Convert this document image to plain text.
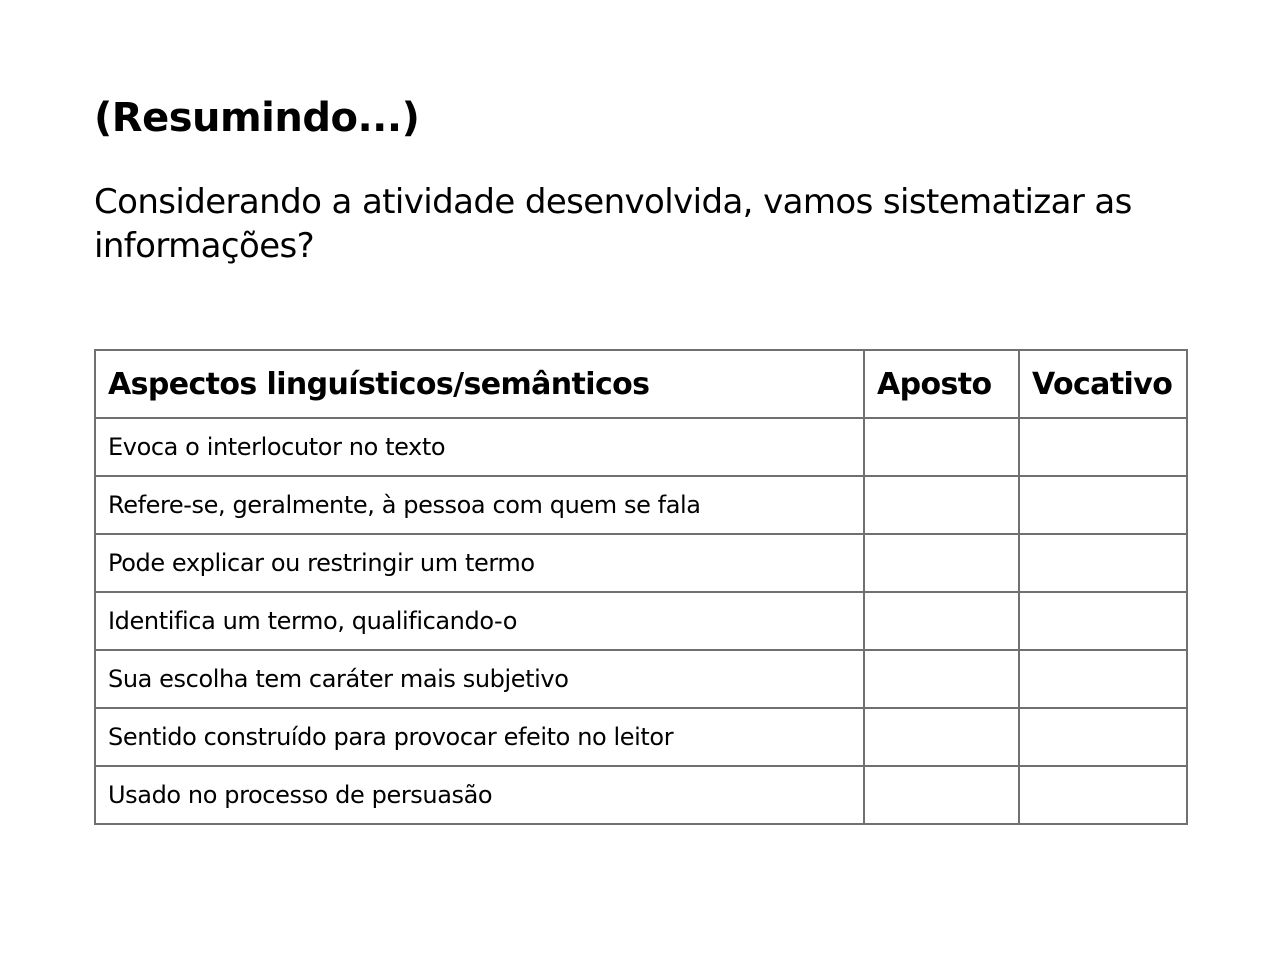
(Resumindo...)

Considerando a atividade desenvolvida, vamos sistematizar as informações?

Aspectos linguísticos/semânticos	Aposto	Vocativo
Evoca o interlocutor no texto		
Refere-se, geralmente, à pessoa com quem se fala		
Pode explicar ou restringir um termo		
Identifica um termo, qualificando-o		
Sua escolha tem caráter mais subjetivo		
Sentido construído para provocar efeito no leitor		
Usado no processo de persuasão		
